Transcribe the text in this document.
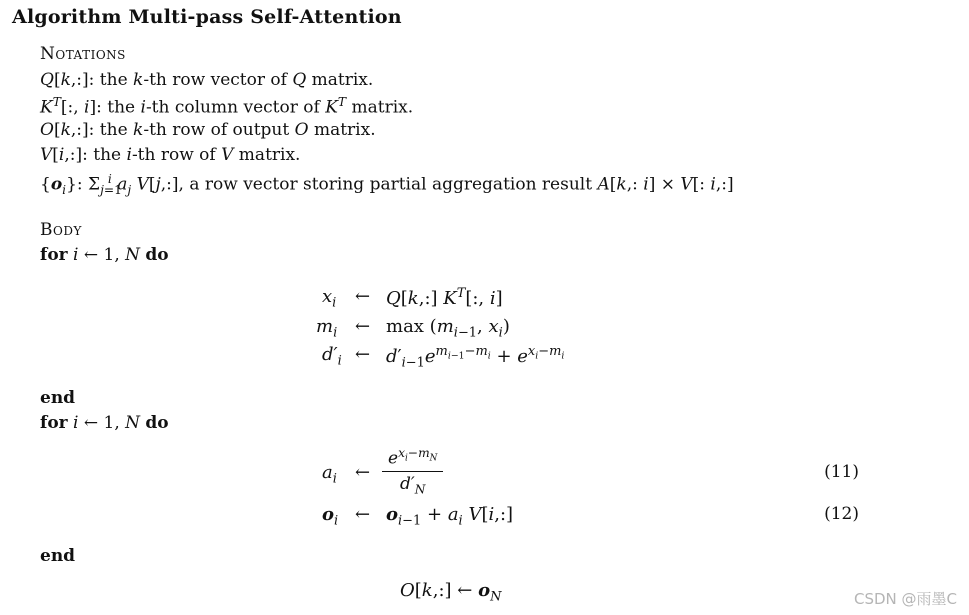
Algorithm Multi-pass Self-Attention
Notations
Q[k,:]: the k-th row vector of Q matrix.
$K^T$[:, i]: the i-th column vector of $K^T$ matrix.
O[k,:]: the k-th row of output O matrix.
V[i,:]: the i-th row of V matrix.
$\{o_i\}$: $\Sigma_{j=1}^i$ $a_j$ V[j,:], a row vector storing partial aggregation result A[k,: i] × V[: i,:]
Body
for i ← 1, N do
$x_i$ ← Q[k,:] $K^T$[:, i]
$m_i$ ← $\max (m_{i-1}$, $x_i$)
$d'_i$ ← $d'_{i-1}e^{m_{i-1}-m_i} + e^{x_i-m_i}$
end
for i ← 1, N do
$a_i$ ←
$e^{x_i-m_N}$
$d'_N$
(11)
$o_i$ ← $o_{i-1} + a_i$ V[i,:]	(12)
end
O[k,:] ← $o_N$	CSDN @雨墨C
